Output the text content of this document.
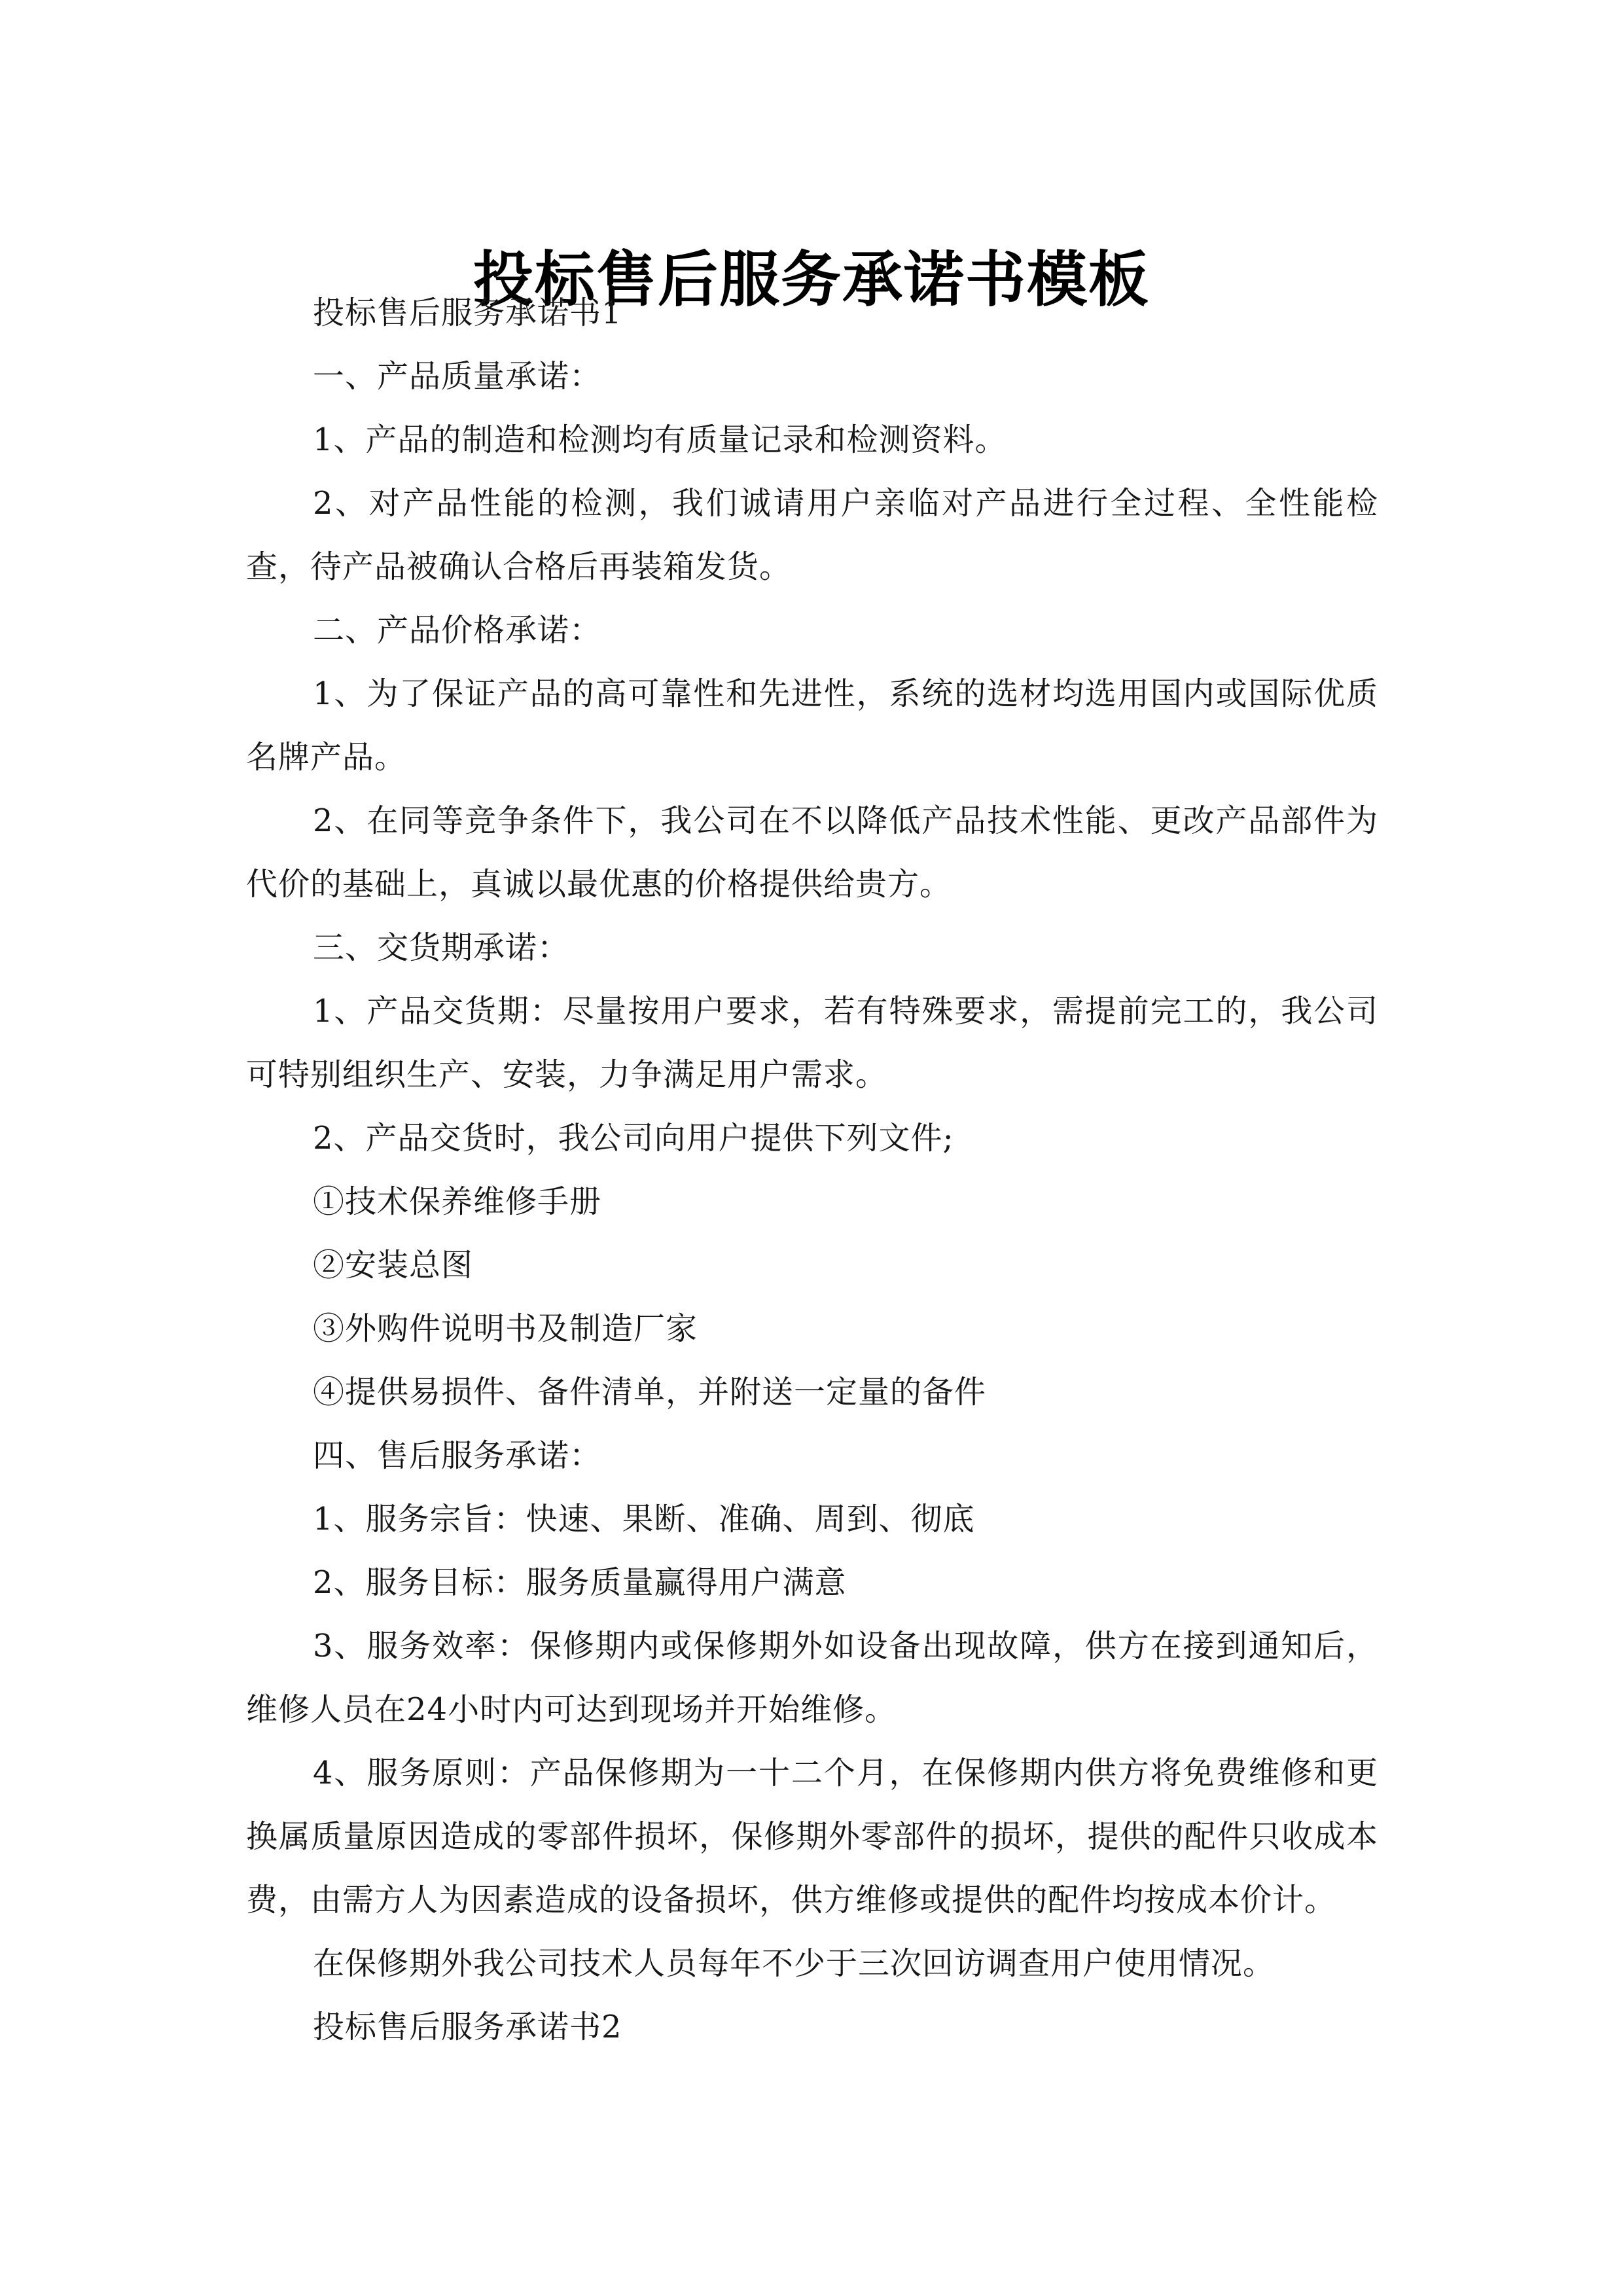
投标售后服务承诺书模板

投标售后服务承诺书1

一、产品质量承诺：

1、产品的制造和检测均有质量记录和检测资料。

2、对产品性能的检测，我们诚请用户亲临对产品进行全过程、全性能检查，待产品被确认合格后再装箱发货。

二、产品价格承诺：

1、为了保证产品的高可靠性和先进性，系统的选材均选用国内或国际优质名牌产品。

2、在同等竞争条件下，我公司在不以降低产品技术性能、更改产品部件为代价的基础上，真诚以最优惠的价格提供给贵方。

三、交货期承诺：

1、产品交货期：尽量按用户要求，若有特殊要求，需提前完工的，我公司可特别组织生产、安装，力争满足用户需求。

2、产品交货时，我公司向用户提供下列文件;

①技术保养维修手册

②安装总图

③外购件说明书及制造厂家

④提供易损件、备件清单，并附送一定量的备件

四、售后服务承诺：

1、服务宗旨：快速、果断、准确、周到、彻底

2、服务目标：服务质量赢得用户满意

3、服务效率：保修期内或保修期外如设备出现故障，供方在接到通知后，维修人员在24小时内可达到现场并开始维修。

4、服务原则：产品保修期为一十二个月，在保修期内供方将免费维修和更换属质量原因造成的零部件损坏，保修期外零部件的损坏，提供的配件只收成本费，由需方人为因素造成的设备损坏，供方维修或提供的配件均按成本价计。

在保修期外我公司技术人员每年不少于三次回访调查用户使用情况。

投标售后服务承诺书2
